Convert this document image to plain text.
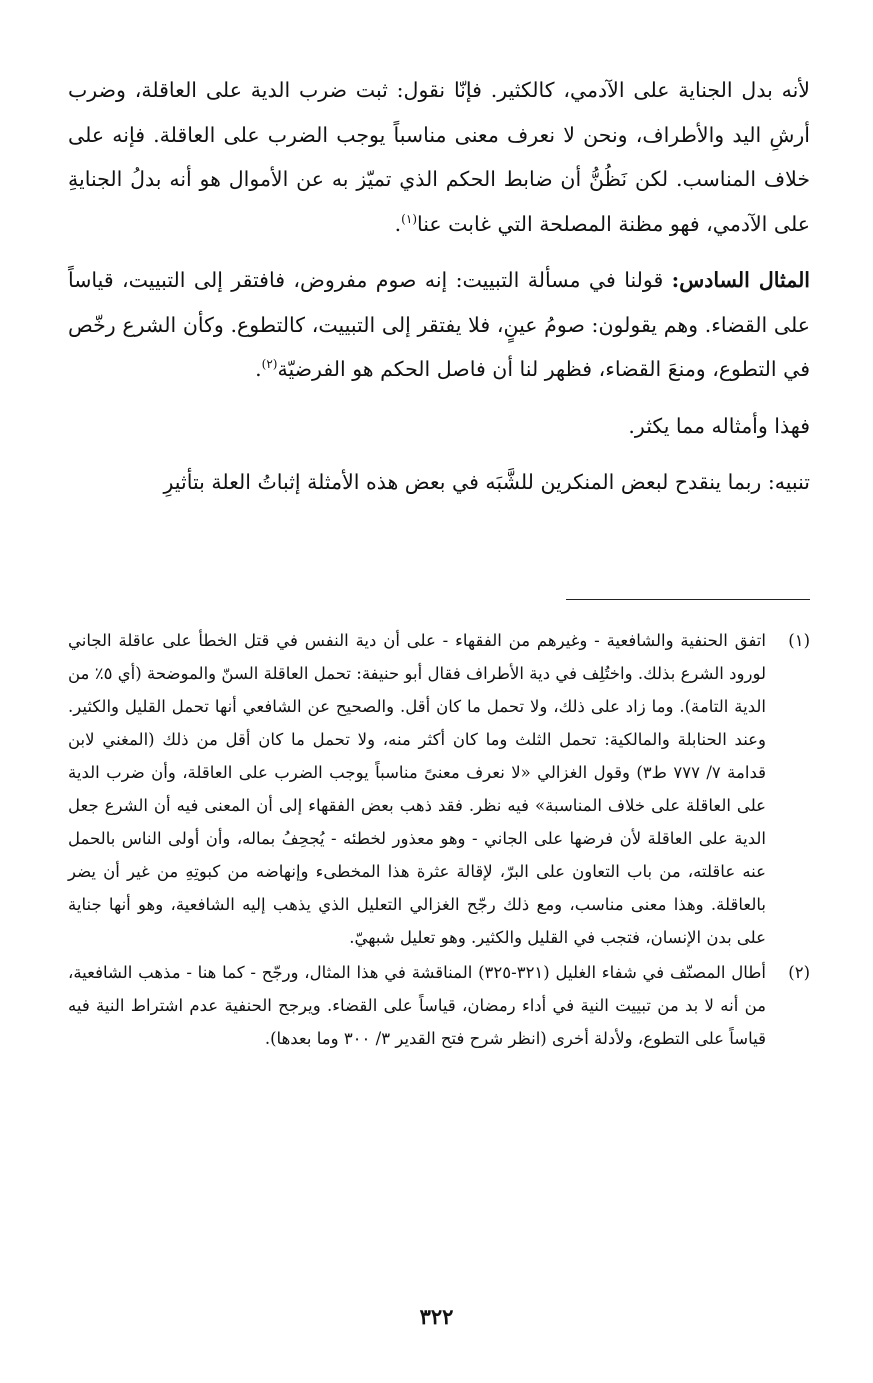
لأنه بدل الجناية على الآدمي، كالكثير. فإنّا نقول: ثبت ضرب الدية على العاقلة، وضرب أرشِ اليد والأطراف، ونحن لا نعرف معنى مناسباً يوجب الضرب على العاقلة. فإنه على خلاف المناسب. لكن نَظُنُّ أن ضابط الحكم الذي تميّز به عن الأموال هو أنه بدلُ الجنايةِ على الآدمي، فهو مظنة المصلحة التي غابت عنا$^{(١)}$.

المثال السادس: قولنا في مسألة التبييت: إنه صوم مفروض، فافتقر إلى التبييت، قياساً على القضاء. وهم يقولون: صومُ عينٍ، فلا يفتقر إلى التبييت، كالتطوع. وكأن الشرع رخّص في التطوع، ومنعَ القضاء، فظهر لنا أن فاصل الحكم هو الفرضيّة$^{(٢)}$.

فهذا وأمثاله مما يكثر.

تنبيه: ربما ينقدح لبعض المنكرين للشَّبَه في بعض هذه الأمثلة إثباتُ العلة بتأثيرِ

(١)

اتفق الحنفية والشافعية - وغيرهم من الفقهاء - على أن دية النفس في قتل الخطأ على عاقلة الجاني لورود الشرع بذلك. واختُلِف في دية الأطراف فقال أبو حنيفة: تحمل العاقلة السنّ والموضحة (أي ٥٪ من الدية التامة). وما زاد على ذلك، ولا تحمل ما كان أقل. والصحيح عن الشافعي أنها تحمل القليل والكثير. وعند الحنابلة والمالكية: تحمل الثلث وما كان أكثر منه، ولا تحمل ما كان أقل من ذلك (المغني لابن قدامة ٧/ ٧٧٧ ط٣) وقول الغزالي «لا نعرف معنىً مناسباً يوجب الضرب على العاقلة، وأن ضرب الدية على العاقلة على خلاف المناسبة» فيه نظر. فقد ذهب بعض الفقهاء إلى أن المعنى فيه أن الشرع جعل الدية على العاقلة لأن فرضها على الجاني - وهو معذور لخطئه - يُجحِفُ بماله، وأن أولى الناس بالحمل عنه عاقلته، من باب التعاون على البرّ، لإقالة عثرة هذا المخطىء وإنهاضه من كبوتِهِ من غير أن يضر بالعاقلة. وهذا معنى مناسب، ومع ذلك رجّح الغزالي التعليل الذي يذهب إليه الشافعية، وهو أنها جناية على بدن الإنسان، فتجب في القليل والكثير. وهو تعليل شبهيّ.

(٢)

أطال المصنّف في شفاء الغليل (٣٢١-٣٢٥) المناقشة في هذا المثال، ورجّح - كما هنا - مذهب الشافعية، من أنه لا بد من تبييت النية في أداء رمضان، قياساً على القضاء. ويرجح الحنفية عدم اشتراط النية فيه قياساً على التطوع، ولأدلة أخرى (انظر شرح فتح القدير ٣/ ٣٠٠ وما بعدها).

٣٢٢
